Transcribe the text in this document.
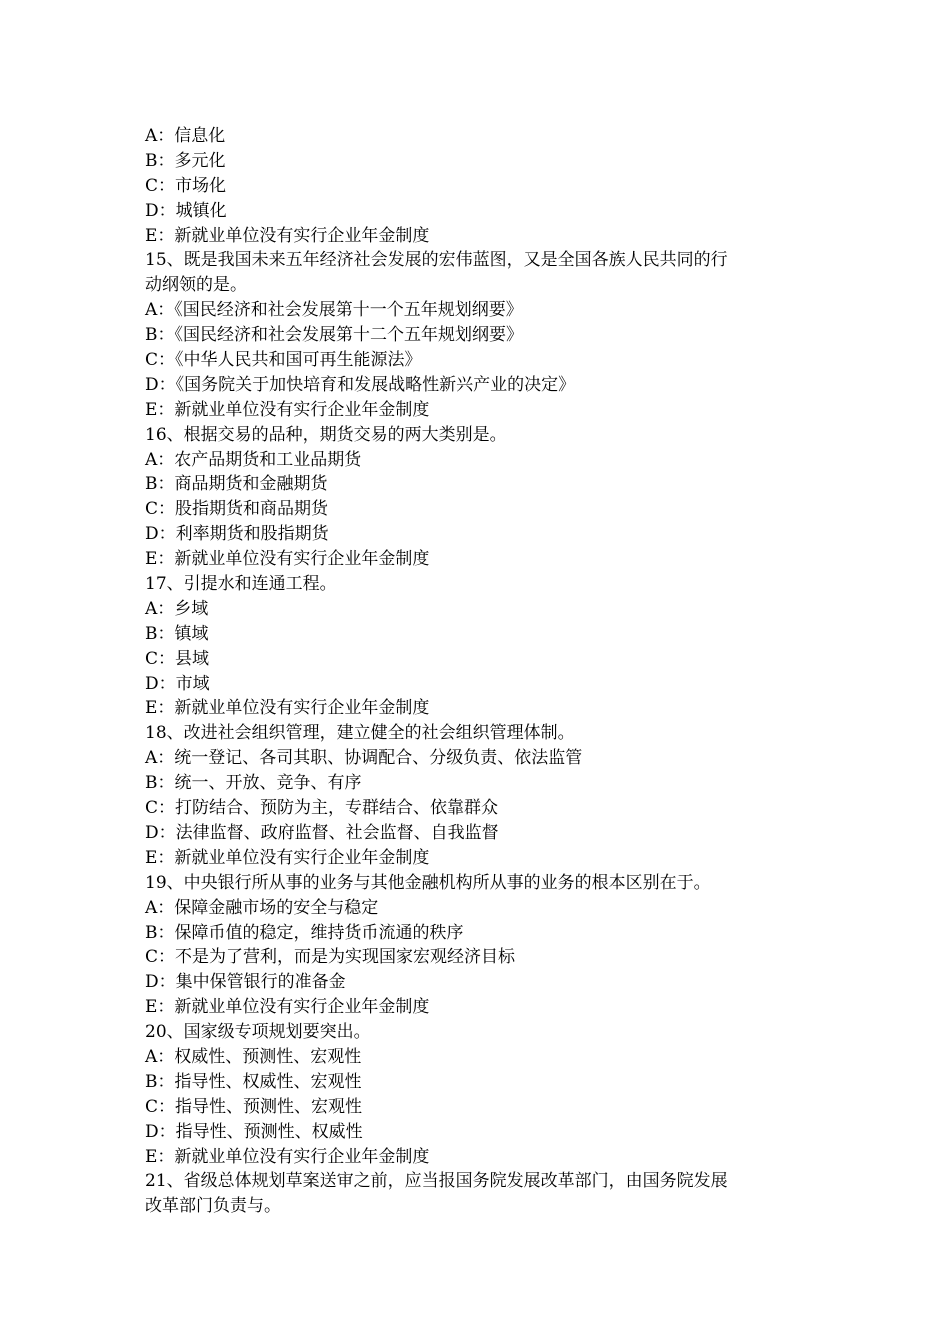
A：信息化
B：多元化
C：市场化
D：城镇化
E：新就业单位没有实行企业年金制度
15、既是我国未来五年经济社会发展的宏伟蓝图，又是全国各族人民共同的行
动纲领的是。
A：《国民经济和社会发展第十一个五年规划纲要》
B：《国民经济和社会发展第十二个五年规划纲要》
C：《中华人民共和国可再生能源法》
D：《国务院关于加快培育和发展战略性新兴产业的决定》
E：新就业单位没有实行企业年金制度
16、根据交易的品种，期货交易的两大类别是。
A：农产品期货和工业品期货
B：商品期货和金融期货
C：股指期货和商品期货
D：利率期货和股指期货
E：新就业单位没有实行企业年金制度
17、引提水和连通工程。
A：乡域
B：镇域
C：县域
D：市域
E：新就业单位没有实行企业年金制度
18、改进社会组织管理，建立健全的社会组织管理体制。
A：统一登记、各司其职、协调配合、分级负责、依法监管
B：统一、开放、竞争、有序
C：打防结合、预防为主，专群结合、依靠群众
D：法律监督、政府监督、社会监督、自我监督
E：新就业单位没有实行企业年金制度
19、中央银行所从事的业务与其他金融机构所从事的业务的根本区别在于。
A：保障金融市场的安全与稳定
B：保障币值的稳定，维持货币流通的秩序
C：不是为了营利，而是为实现国家宏观经济目标
D：集中保管银行的准备金
E：新就业单位没有实行企业年金制度
20、国家级专项规划要突出。
A：权威性、预测性、宏观性
B：指导性、权威性、宏观性
C：指导性、预测性、宏观性
D：指导性、预测性、权威性
E：新就业单位没有实行企业年金制度
21、省级总体规划草案送审之前，应当报国务院发展改革部门，由国务院发展
改革部门负责与。
